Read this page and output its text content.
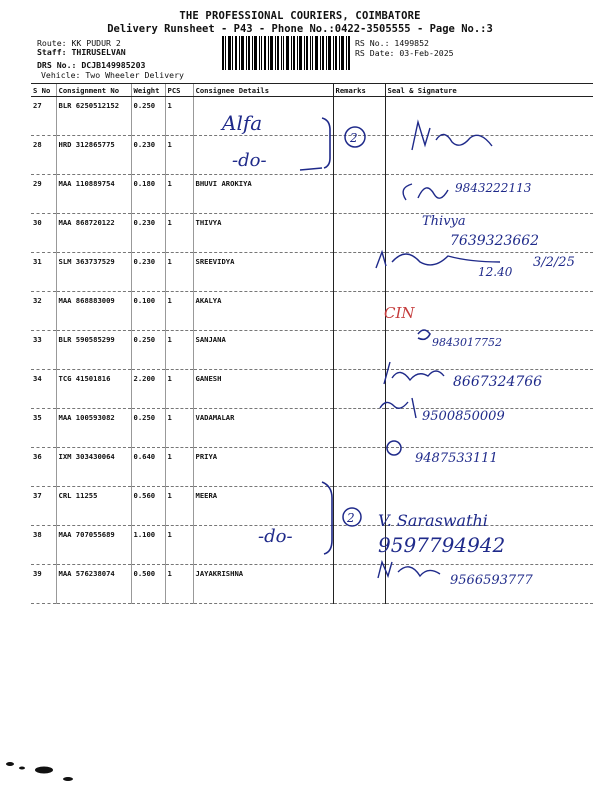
THE PROFESSIONAL COURIERS, COIMBATORE
Delivery Runsheet - P43 - Phone No.:0422-3505555 - Page No.:3
Route: KK PUDUR 2
Staff: THIRUSELVAN
DRS No.: DCJB149985203
Vehicle: Two Wheeler Delivery
RS No.: 1499852
RS Date: 03-Feb-2025
S No	Consignment No	Weight	PCS	Consignee Details	Remarks	Seal & Signature
27	BLR 6250512152	0.250	1			
28	HRD 312865775	0.230	1			
29	MAA 110889754	0.180	1	BHUVI AROKIYA		
30	MAA 868720122	0.230	1	THIVYA		
31	SLM 363737529	0.230	1	SREEVIDYA		
32	MAA 868883009	0.100	1	AKALYA		
33	BLR 590585299	0.250	1	SANJANA		
34	TCG 41501816	2.200	1	GANESH		
35	MAA 100593082	0.250	1	VADAMALAR		
36	IXM 303430064	0.640	1	PRIYA		
37	CRL 11255	0.560	1	MEERA		
38	MAA 707055689	1.100	1			
39	MAA 576238074	0.500	1	JAYAKRISHNA		
Alfa
-do-
2
9843222113
Thivya
7639323662
3/2/25
12.40
CIN
9843017752
8667324766
9500850009
9487533111
-do-
2 V. Saraswathi
9597794942
9566593777
